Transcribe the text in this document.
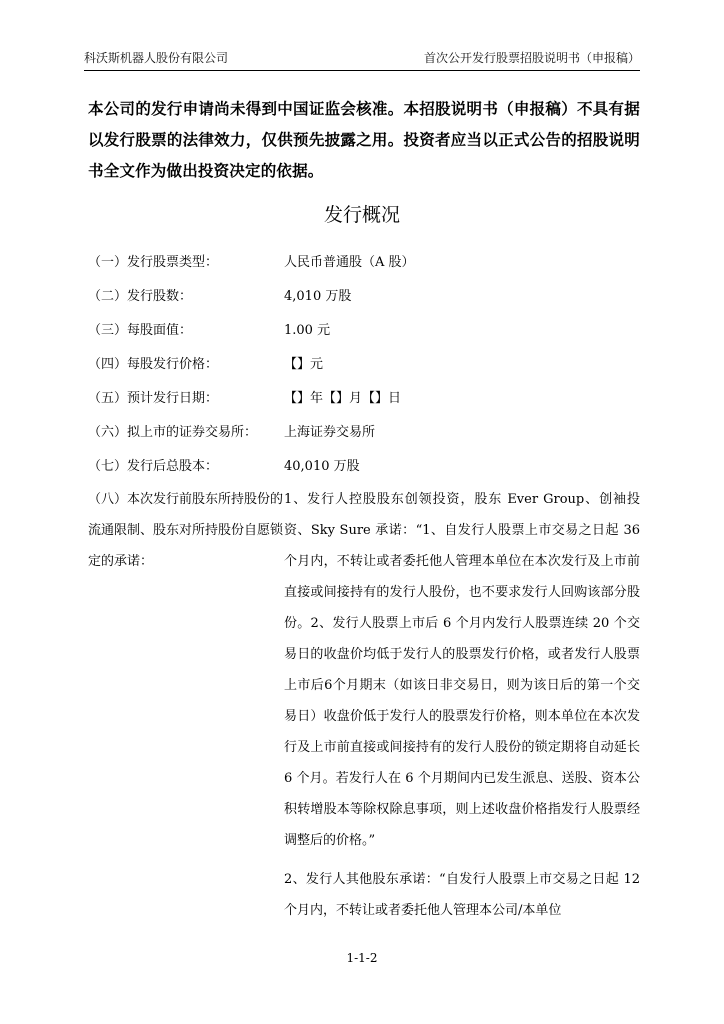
科沃斯机器人股份有限公司	首次公开发行股票招股说明书（申报稿）
本公司的发行申请尚未得到中国证监会核准。本招股说明书（申报稿）不具有据以发行股票的法律效力，仅供预先披露之用。投资者应当以正式公告的招股说明书全文作为做出投资决定的依据。
发行概况
（一）发行股票类型：	人民币普通股（A 股）
（二）发行股数：	4,010 万股
（三）每股面值：	1.00 元
（四）每股发行价格：	【】元
（五）预计发行日期：	【】年【】月【】日
（六）拟上市的证券交易所：	上海证券交易所
（七）发行后总股本：	40,010 万股
（八）本次发行前股东所持股份的流通限制、股东对所持股份自愿锁定的承诺：

1、发行人控股股东创领投资，股东 Ever Group、创袖投资、Sky Sure 承诺：“1、自发行人股票上市交易之日起 36 个月内，不转让或者委托他人管理本单位在本次发行及上市前直接或间接持有的发行人股份，也不要求发行人回购该部分股份。2、发行人股票上市后 6 个月内发行人股票连续 20 个交易日的收盘价均低于发行人的股票发行价格，或者发行人股票上市后6个月期末（如该日非交易日，则为该日后的第一个交易日）收盘价低于发行人的股票发行价格，则本单位在本次发行及上市前直接或间接持有的发行人股份的锁定期将自动延长 6 个月。若发行人在 6 个月期间内已发生派息、送股、资本公积转增股本等除权除息事项，则上述收盘价格指发行人股票经调整后的价格。”

2、发行人其他股东承诺：“自发行人股票上市交易之日起 12 个月内，不转让或者委托他人管理本公司/本单位

1-1-2
